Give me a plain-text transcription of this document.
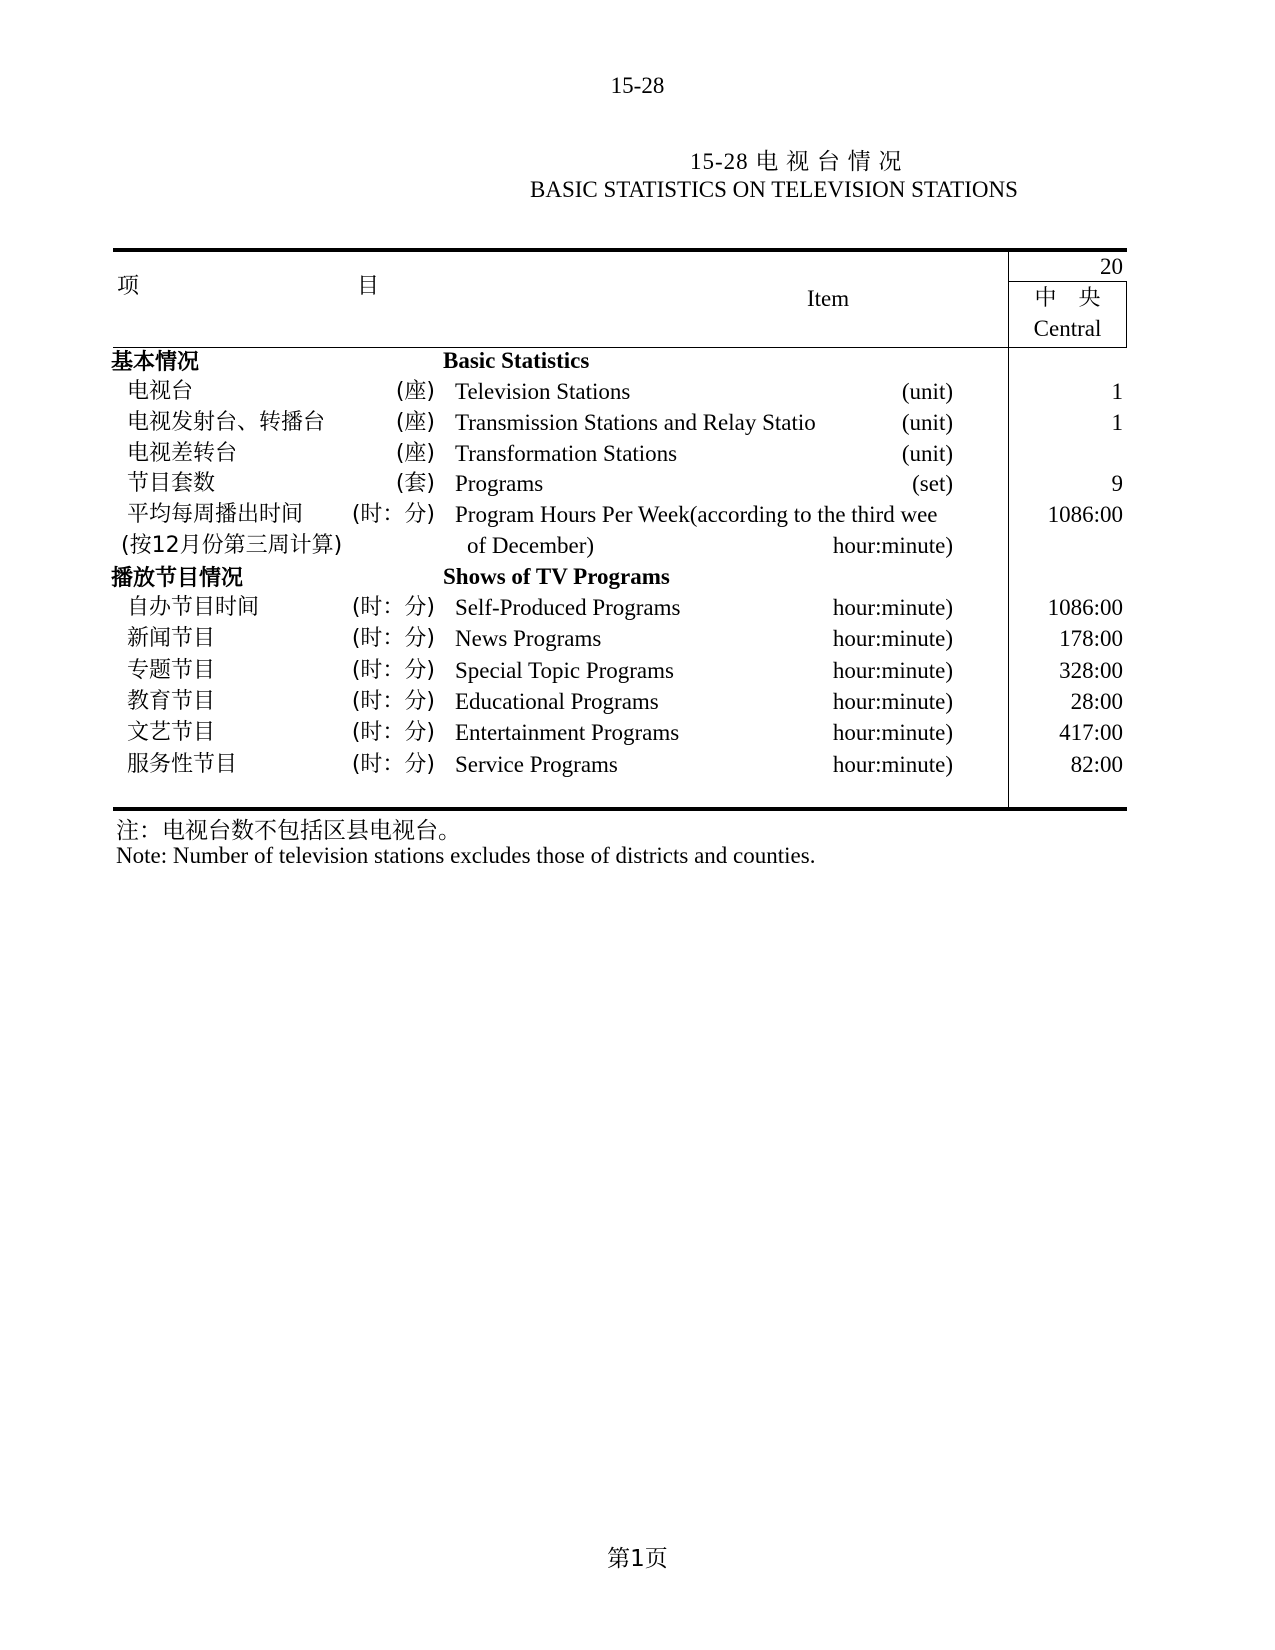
15-28
15-28 电 视 台 情 况
BASIC STATISTICS ON TELEVISION STATIONS
20
项	目	Item	中　央
Central
基本情况	Basic Statistics
电视台	(座) Television Stations	(unit)	1
电视发射台、转播台	(座) Transmission Stations and Relay Statio	(unit)	1
电视差转台	(座) Transformation Stations	(unit)
节目套数	(套) Programs	(set)	9
平均每周播出时间	(时：分) Program Hours Per Week(according to the third wee	1086:00
(按12月份第三周计算)	of December)	hour:minute)
播放节目情况	Shows of TV Programs
自办节目时间	(时：分) Self-Produced Programs	hour:minute)	1086:00
新闻节目	(时：分) News Programs	hour:minute)	178:00
专题节目	(时：分) Special Topic Programs	hour:minute)	328:00
教育节目	(时：分) Educational Programs	hour:minute)	28:00
文艺节目	(时：分) Entertainment Programs	hour:minute)	417:00
服务性节目	(时：分) Service Programs	hour:minute)	82:00
注：电视台数不包括区县电视台。
Note: Number of television stations excludes those of districts and counties.
第1页
